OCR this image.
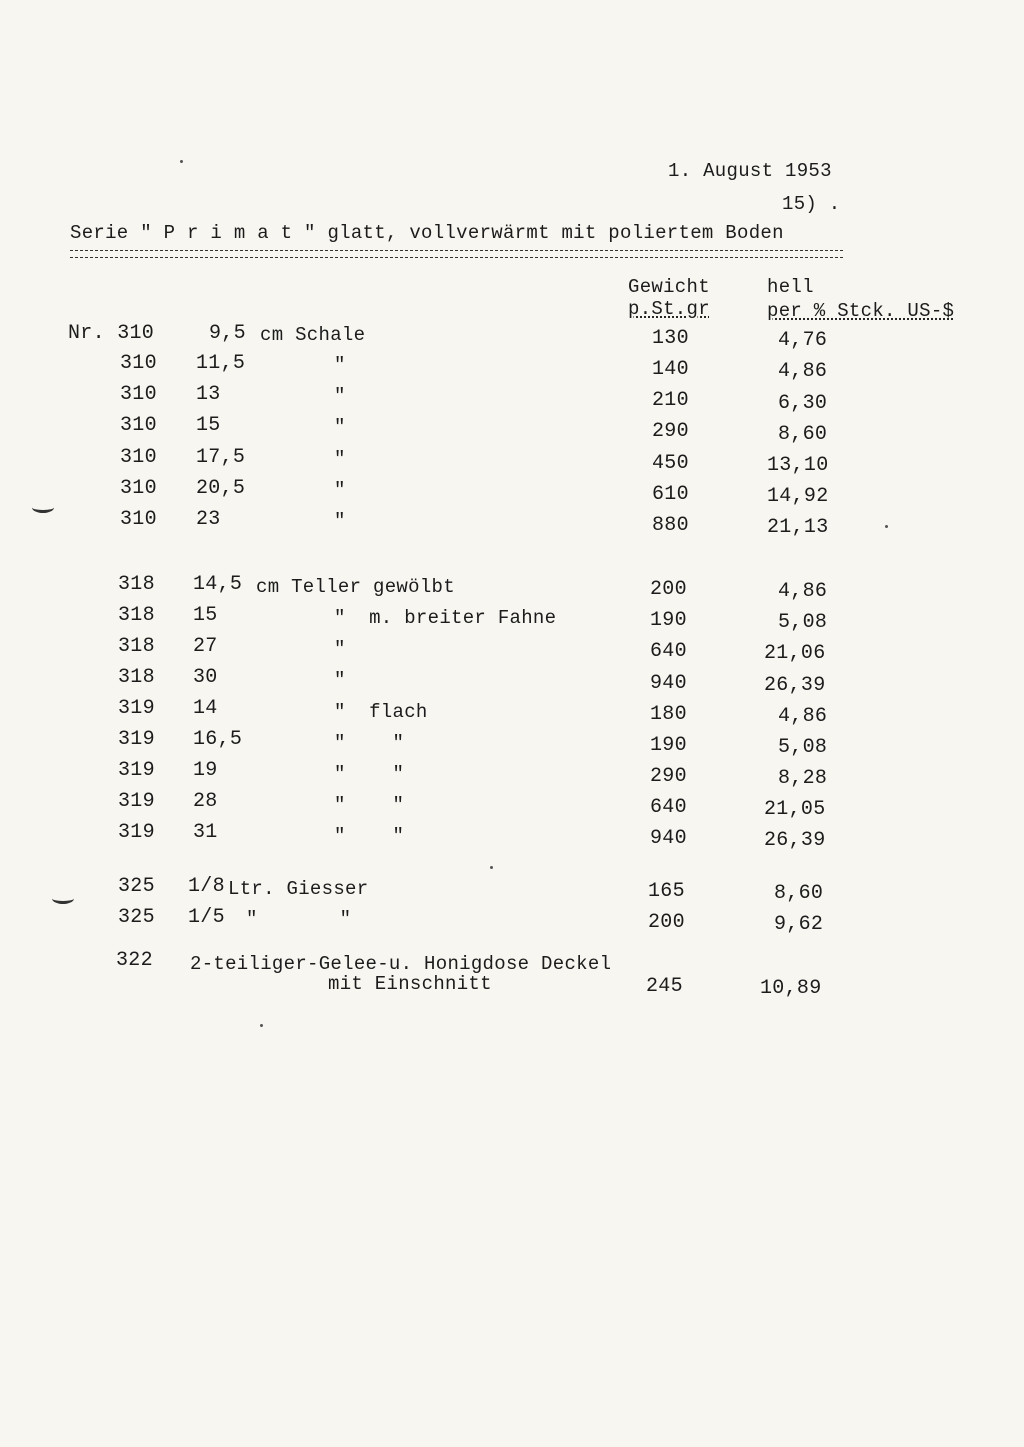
1. August 1953
15) .
Serie " P r i m a t " glatt, vollverwärmt mit poliertem Boden
Gewicht
p.St.gr
hell
per % Stck. US-$
Nr. 310	9,5 cm Schale	130	4,76
310 11,5	"	140	4,86
310 13	"	210	6,30
310 15	"	290	8,60
310 17,5	"	450	13,10
310 20,5	"	610	14,92
310 23	"	880	21,13
318 14,5 cm Teller gewölbt	200	4,86
318 15	"  m. breiter Fahne	190	5,08
318 27	"	640	21,06
318 30	"	940	26,39
319 14	"  flach	180	4,86
319 16,5	"    "	190	5,08
319 19	"    "	290	8,28
319 28	"    "	640	21,05
319 31	"    "	940	26,39
325 1/8 Ltr. Giesser	165	8,60
325 1/5 "       "	200	9,62
322 2-teiliger-Gelee-u. Honigdose Deckel
mit Einschnitt	245	10,89
